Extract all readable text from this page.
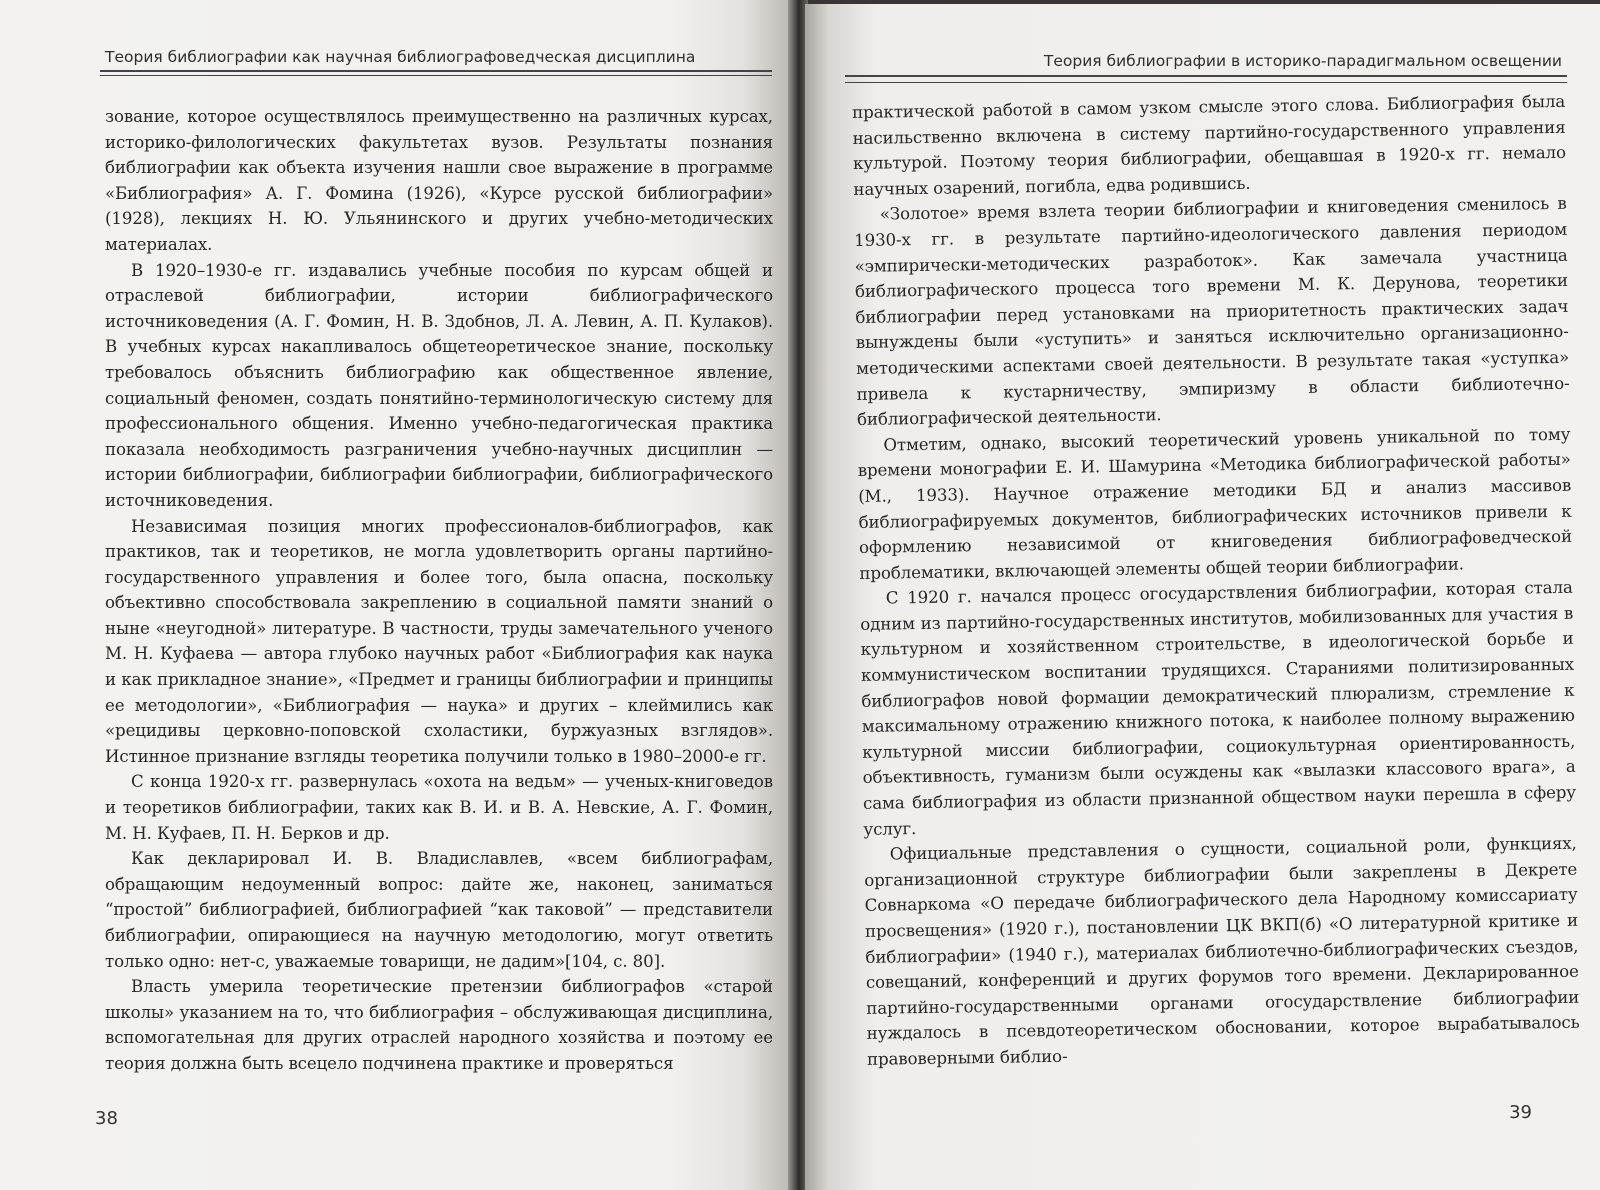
Теория библиографии как научная библиографоведческая дисциплина

зование, которое осуществлялось преимущественно на различных курсах, историко-филологических факультетах вузов. Результаты познания библиографии как объекта изучения нашли свое выражение в программе «Библиография» А. Г. Фомина (1926), «Курсе русской библиографии» (1928), лекциях Н. Ю. Ульянинского и других учебно-методических материалах.

В 1920–1930-е гг. издавались учебные пособия по курсам общей и отраслевой библиографии, истории библиографического источниковедения (А. Г. Фомин, Н. В. Здобнов, Л. А. Левин, А. П. Кулаков). В учебных курсах накапливалось общетеоретическое знание, поскольку требовалось объяснить библиографию как общественное явление, социальный феномен, создать понятийно-терминологическую систему для профессионального общения. Именно учебно-педагогическая практика показала необходимость разграничения учебно-научных дисциплин — истории библиографии, библиографии библиографии, библиографического источниковедения.

Независимая позиция многих профессионалов-библиографов, как практиков, так и теоретиков, не могла удовлетворить органы партийно-государственного управления и более того, была опасна, поскольку объективно способствовала закреплению в социальной памяти знаний о ныне «неугодной» литературе. В частности, труды замечательного ученого М. Н. Куфаева — автора глубоко научных работ «Библиография как наука и как прикладное знание», «Предмет и границы библиографии и принципы ее методологии», «Библиография — наука» и других – клеймились как «рецидивы церковно-поповской схоластики, буржуазных взглядов». Истинное признание взгляды теоретика получили только в 1980–2000-е гг.

С конца 1920-х гг. развернулась «охота на ведьм» — ученых-книговедов и теоретиков библиографии, таких как В. И. и В. А. Невские, А. Г. Фомин, М. Н. Куфаев, П. Н. Берков и др.

Как декларировал И. В. Владиславлев, «всем библиографам, обращающим недоуменный вопрос: дайте же, наконец, заниматься “простой” библиографией, библиографией “как таковой” — представители библиографии, опирающиеся на научную методологию, могут ответить только одно: нет-с, уважаемые товарищи, не дадим»[104, с. 80].

Власть умерила теоретические претензии библиографов «старой школы» указанием на то, что библиография – обслуживающая дисциплина, вспомогательная для других отраслей народного хозяйства и поэтому ее теория должна быть всецело подчинена практике и проверяться

38
Теория библиографии в историко-парадигмальном освещении

практической работой в самом узком смысле этого слова. Библиография была насильственно включена в систему партийно-государственного управления культурой. Поэтому теория библиографии, обещавшая в 1920-х гг. немало научных озарений, погибла, едва родившись.

«Золотое» время взлета теории библиографии и книговедения сменилось в 1930-х гг. в результате партийно-идеологического давления периодом «эмпирически-методических разработок». Как замечала участница библиографического процесса того времени М. К. Дерунова, теоретики библиографии перед установками на приоритетность практических задач вынуждены были «уступить» и заняться исключительно организационно-методическими аспектами своей деятельности. В результате такая «уступка» привела к кустарничеству, эмпиризму в области библиотечно-библиографической деятельности.

Отметим, однако, высокий теоретический уровень уникальной по тому времени монографии Е. И. Шамурина «Методика библиографической работы» (М., 1933). Научное отражение методики БД и анализ массивов библиографируемых документов, библиографических источников привели к оформлению независимой от книговедения библиографоведческой проблематики, включающей элементы общей теории библиографии.

С 1920 г. начался процесс огосударствления библиографии, которая стала одним из партийно-государственных институтов, мобилизованных для участия в культурном и хозяйственном строительстве, в идеологической борьбе и коммунистическом воспитании трудящихся. Стараниями политизированных библиографов новой формации демократический плюрализм, стремление к максимальному отражению книжного потока, к наиболее полному выражению культурной миссии библиографии, социокультурная ориентированность, объективность, гуманизм были осуждены как «вылазки классового врага», а сама библиография из области признанной обществом науки перешла в сферу услуг.

Официальные представления о сущности, социальной роли, функциях, организационной структуре библиографии были закреплены в Декрете Совнаркома «О передаче библиографического дела Народному комиссариату просвещения» (1920 г.), постановлении ЦК ВКП(б) «О литературной критике и библиографии» (1940 г.), материалах библиотечно-библиографических съездов, совещаний, конференций и других форумов того времени. Декларированное партийно-государственными органами огосударствление библиографии нуждалось в псевдотеоретическом обосновании, которое вырабатывалось правоверными библио-

39
